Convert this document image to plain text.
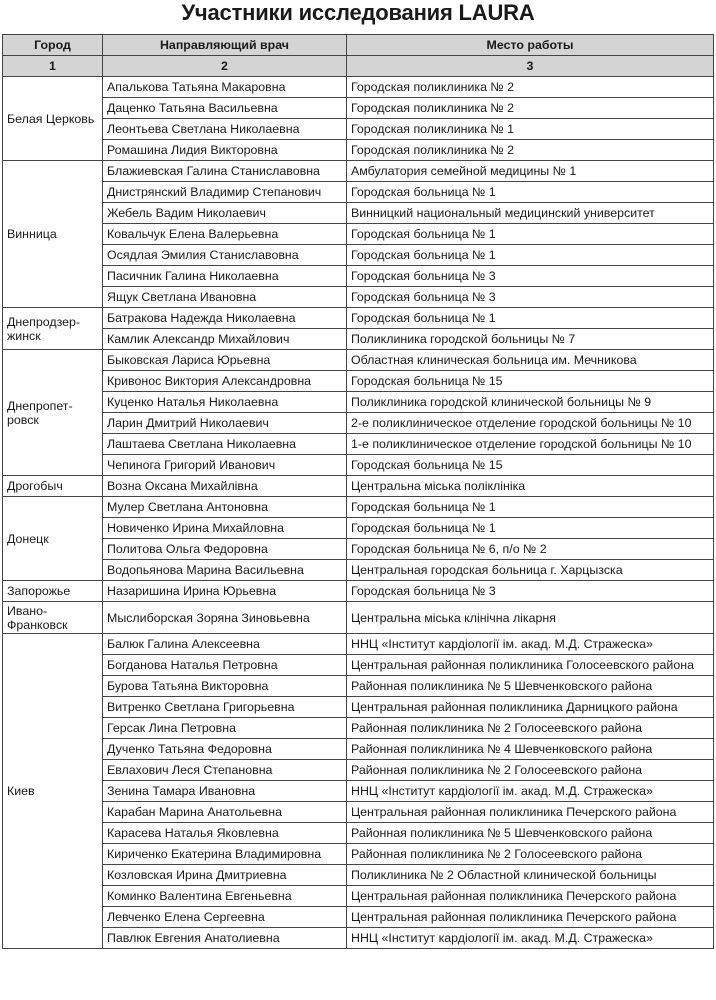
Участники исследования LAURA
Город	Направляющий врач	Место работы
1	2	3
Белая Церковь	Апалькова Татьяна Макаровна	Городская поликлиника № 2
	Даценко Татьяна Васильевна	Городская поликлиника № 2
	Леонтьева Светлана Николаевна	Городская поликлиника № 1
	Ромашина Лидия Викторовна	Городская поликлиника № 2
Винница	Блажиевская Галина Станиславовна	Амбулатория семейной медицины № 1
	Днистрянский Владимир Степанович	Городская больница № 1
	Жебель Вадим Николаевич	Винницкий национальный медицинский университет
	Ковальчук Елена Валерьевна	Городская больница № 1
	Осядлая Эмилия Станиславовна	Городская больница № 1
	Пасичник Галина Николаевна	Городская больница № 3
	Ящук Светлана Ивановна	Городская больница № 3
Днепродзер-жинск	Батракова Надежда Николаевна	Городская больница № 1
	Камлик Александр Михайлович	Поликлиника городской больницы № 7
Днепропет-ровск	Быковская Лариса Юрьевна	Областная клиническая больница им. Мечникова
	Кривонос Виктория Александровна	Городская больница № 15
	Куценко Наталья Николаевна	Поликлиника городской клинической больницы № 9
	Ларин Дмитрий Николаевич	2-е поликлиническое отделение городской больницы № 10
	Лаштаева Светлана Николаевна	1-е поликлиническое отделение городской больницы № 10
	Чепинога Григорий Иванович	Городская больница № 15
Дрогобыч	Возна Оксана Михайлівна	Центральна міська поліклініка
Донецк	Мулер Светлана Антоновна	Городская больница № 1
	Новиченко Ирина Михайловна	Городская больница № 1
	Политова Ольга Федоровна	Городская больница № 6, п/о № 2
	Водопьянова Марина Васильевна	Центральная городская больница г. Харцызска
Запорожье	Назаришина Ирина Юрьевна	Городская больница № 3
Ивано-Франковск	Мыслиборская Зоряна Зиновьевна	Центральна міська клінічна лікарня
Киев	Балюк Галина Алексеевна	ННЦ «Інститут кардіології ім. акад. М.Д. Стражеска»
	Богданова Наталья Петровна	Центральная районная поликлиника Голосеевского района
	Бурова Татьяна Викторовна	Районная поликлиника № 5 Шевченковского района
	Витренко Светлана Григорьевна	Центральная районная поликлиника Дарницкого района
	Герсак Лина Петровна	Районная поликлиника № 2 Голосеевского района
	Дученко Татьяна Федоровна	Районная поликлиника № 4 Шевченковского района
	Евлахович Леся Степановна	Районная поликлиника № 2 Голосеевского района
	Зенина Тамара Ивановна	ННЦ «Інститут кардіології ім. акад. М.Д. Стражеска»
	Карабан Марина Анатольевна	Центральная районная поликлиника Печерского района
	Карасева Наталья Яковлевна	Районная поликлиника № 5 Шевченковского района
	Кириченко Екатерина Владимировна	Районная поликлиника № 2 Голосеевского района
	Козловская Ирина Дмитриевна	Поликлиника № 2 Областной клинической больницы
	Коминко Валентина Евгеньевна	Центральная районная поликлиника Печерского района
	Левченко Елена Сергеевна	Центральная районная поликлиника Печерского района
	Павлюк Евгения Анатолиевна	ННЦ «Інститут кардіології ім. акад. М.Д. Стражеска»
